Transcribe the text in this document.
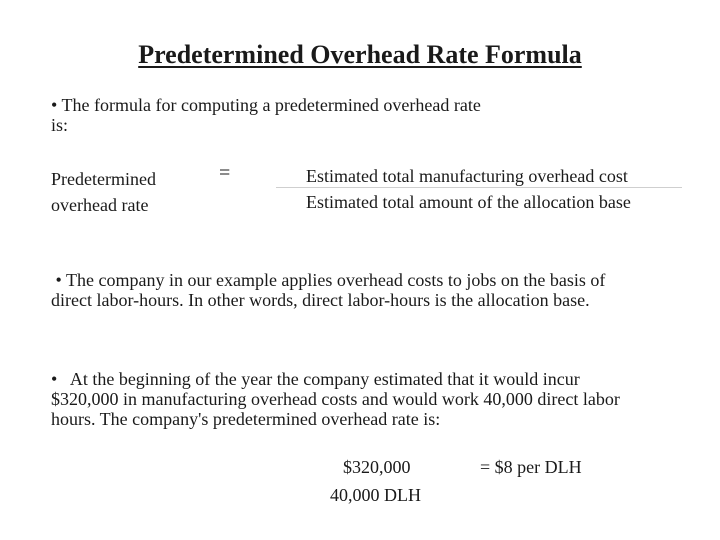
Predetermined Overhead Rate Formula
• The formula for computing a predetermined overhead rate
is:
Predetermined
overhead rate
=	Estimated total manufacturing overhead cost
Estimated total amount of the allocation base
• The company in our example applies overhead costs to jobs on the basis of
direct labor-hours. In other words, direct labor-hours is the allocation base.
• At the beginning of the year the company estimated that it would incur
$320,000 in manufacturing overhead costs and would work 40,000 direct labor
hours. The company's predetermined overhead rate is:
$320,000
40,000 DLH
= $8 per DLH
